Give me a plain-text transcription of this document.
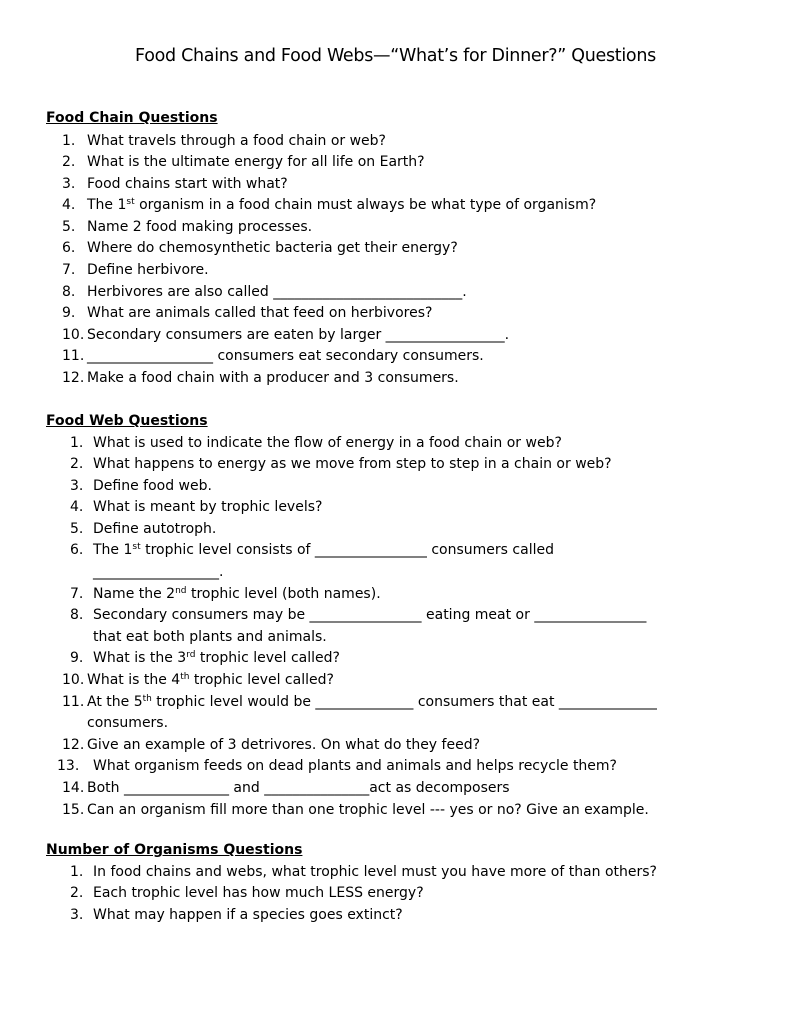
Food Chains and Food Webs—“What’s for Dinner?” Questions
Food Chain Questions
1. What travels through a food chain or web?
2. What is the ultimate energy for all life on Earth?
3. Food chains start with what?
4. The 1st organism in a food chain must always be what type of organism?
5. Name 2 food making processes.
6. Where do chemosynthetic bacteria get their energy?
7. Define herbivore.
8. Herbivores are also called ___________________________.
9. What are animals called that feed on herbivores?
10. Secondary consumers are eaten by larger _________________.
11. __________________ consumers eat secondary consumers.
12. Make a food chain with a producer and 3 consumers.
Food Web Questions
1. What is used to indicate the flow of energy in a food chain or web?
2. What happens to energy as we move from step to step in a chain or web?
3. Define food web.
4. What is meant by trophic levels?
5. Define autotroph.
6. The 1st trophic level consists of ________________ consumers called
__________________.
7. Name the 2nd trophic level (both names).
8. Secondary consumers may be ________________ eating meat or ________________
that eat both plants and animals.
9. What is the 3rd trophic level called?
10. What is the 4th trophic level called?
11. At the 5th trophic level would be ______________ consumers that eat ______________
consumers.
12. Give an example of 3 detrivores. On what do they feed?
13. What organism feeds on dead plants and animals and helps recycle them?
14. Both _______________ and _______________act as decomposers
15. Can an organism fill more than one trophic level --- yes or no? Give an example.
Number of Organisms Questions
1. In food chains and webs, what trophic level must you have more of than others?
2. Each trophic level has how much LESS energy?
3. What may happen if a species goes extinct?
